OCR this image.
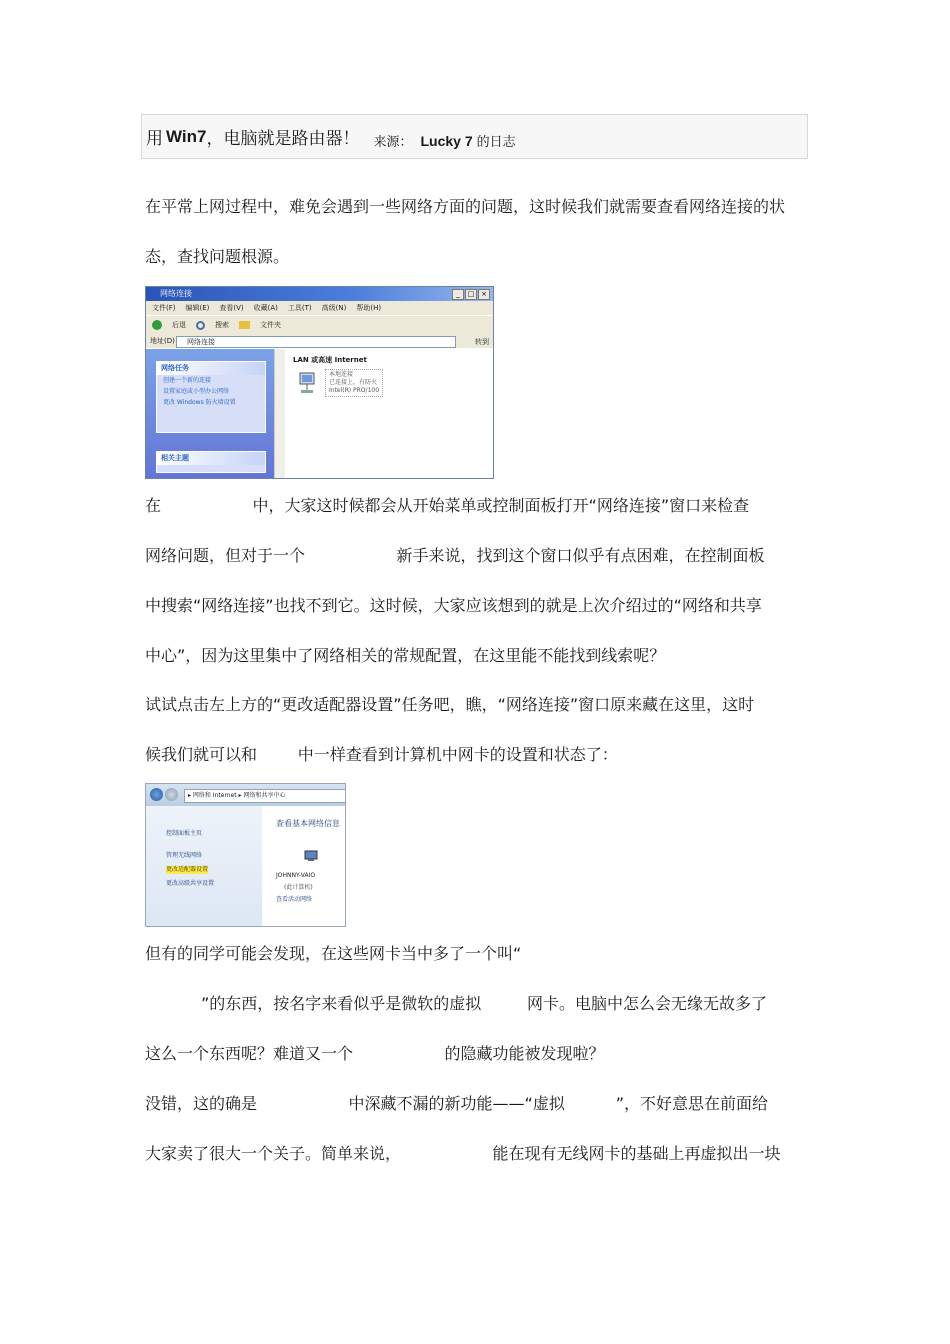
用 Win7 ，电脑就是路由器！ 来源： Lucky 7 的日志
在平常上网过程中，难免会遇到一些网络方面的问题，这时候我们就需要查看网络连接的状
态，查找问题根源。
网络连接	_	□ ×
文件(F) 编辑(E) 查看(V) 收藏(A) 工具(T) 高级(N) 帮助(H)
后退	搜索	文件夹
地址(D)	网络连接	转到
网络任务
创建一个新的连接
设置家庭或小型办公网络
更改 Windows 防火墙设置
相关主题
LAN 或高速 Internet
本地连接
已连接上，有防火
Intel(R) PRO/100
在                  中，大家这时候都会从开始菜单或控制面板打开“网络连接”窗口来检查
网络问题，但对于一个                  新手来说，找到这个窗口似乎有点困难，在控制面板
中搜索“网络连接”也找不到它。这时候，大家应该想到的就是上次介绍过的“网络和共享
中心”，因为这里集中了网络相关的常规配置，在这里能不能找到线索呢？
试试点击左上方的“更改适配器设置”任务吧，瞧，“网络连接”窗口原来藏在这里，这时
候我们就可以和        中一样查看到计算机中网卡的设置和状态了：
▸ 网络和 Internet ▸ 网络和共享中心
控制面板主页
管理无线网络
更改适配器设置
更改高级共享设置
查看基本网络信息
JOHNNY-VAIO
(此计算机)
查看活动网络
但有的同学可能会发现，在这些网卡当中多了一个叫“
”的东西，按名字来看似乎是微软的虚拟         网卡。电脑中怎么会无缘无故多了
这么一个东西呢？难道又一个                  的隐藏功能被发现啦？
没错，这的确是                  中深藏不漏的新功能——“虚拟          ”，不好意思在前面给
大家卖了很大一个关子。简单来说，                  能在现有无线网卡的基础上再虚拟出一块
